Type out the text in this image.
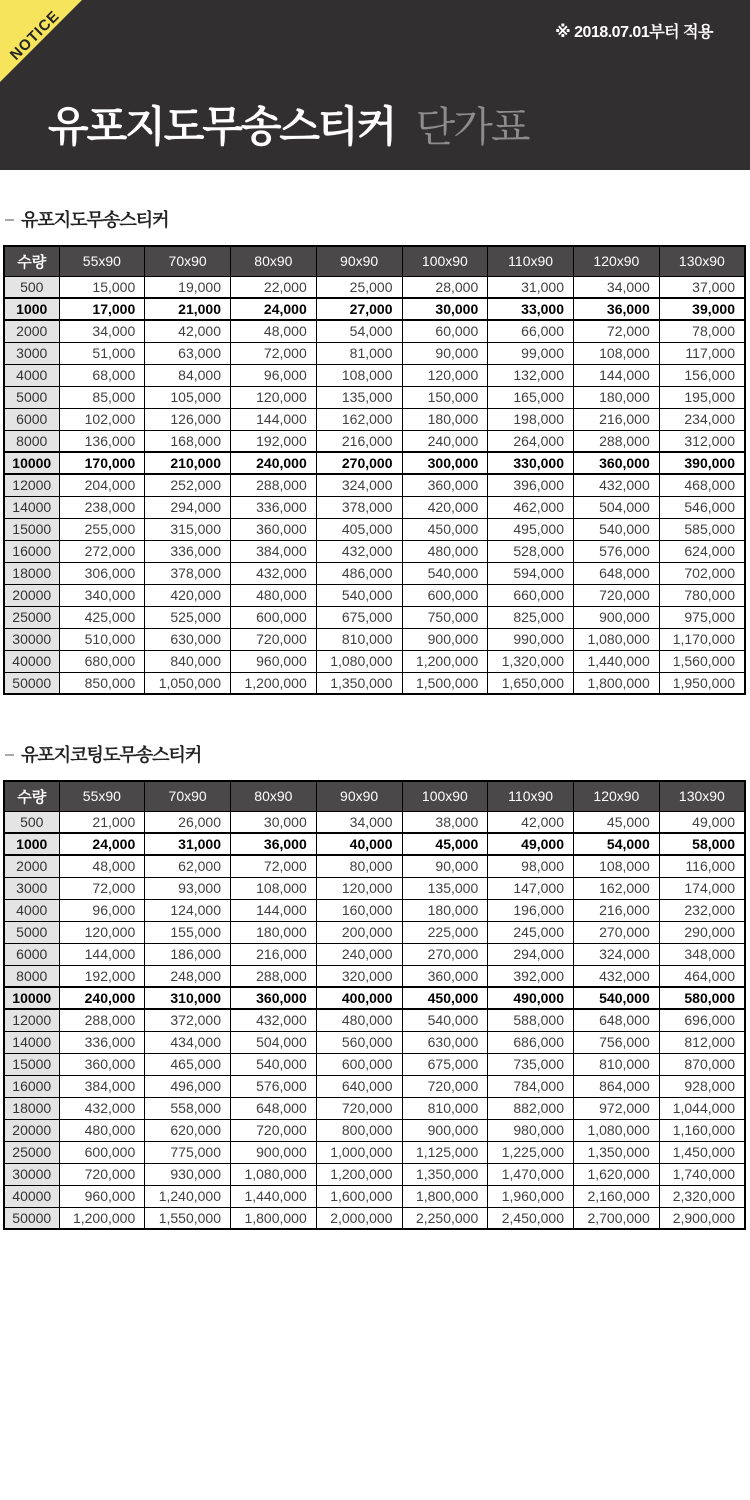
NOTICE	※ 2018.07.01부터 적용
유포지도무송스티커 단가표
유포지도무송스티커
수량	55x90	70x90	80x90	90x90	100x90	110x90	120x90	130x90
500	15,000	19,000	22,000	25,000	28,000	31,000	34,000	37,000
1000	17,000	21,000	24,000	27,000	30,000	33,000	36,000	39,000
2000	34,000	42,000	48,000	54,000	60,000	66,000	72,000	78,000
3000	51,000	63,000	72,000	81,000	90,000	99,000	108,000	117,000
4000	68,000	84,000	96,000	108,000	120,000	132,000	144,000	156,000
5000	85,000	105,000	120,000	135,000	150,000	165,000	180,000	195,000
6000	102,000	126,000	144,000	162,000	180,000	198,000	216,000	234,000
8000	136,000	168,000	192,000	216,000	240,000	264,000	288,000	312,000
10000	170,000	210,000	240,000	270,000	300,000	330,000	360,000	390,000
12000	204,000	252,000	288,000	324,000	360,000	396,000	432,000	468,000
14000	238,000	294,000	336,000	378,000	420,000	462,000	504,000	546,000
15000	255,000	315,000	360,000	405,000	450,000	495,000	540,000	585,000
16000	272,000	336,000	384,000	432,000	480,000	528,000	576,000	624,000
18000	306,000	378,000	432,000	486,000	540,000	594,000	648,000	702,000
20000	340,000	420,000	480,000	540,000	600,000	660,000	720,000	780,000
25000	425,000	525,000	600,000	675,000	750,000	825,000	900,000	975,000
30000	510,000	630,000	720,000	810,000	900,000	990,000	1,080,000	1,170,000
40000	680,000	840,000	960,000	1,080,000	1,200,000	1,320,000	1,440,000	1,560,000
50000	850,000	1,050,000	1,200,000	1,350,000	1,500,000	1,650,000	1,800,000	1,950,000
유포지코팅도무송스티커
수량	55x90	70x90	80x90	90x90	100x90	110x90	120x90	130x90
500	21,000	26,000	30,000	34,000	38,000	42,000	45,000	49,000
1000	24,000	31,000	36,000	40,000	45,000	49,000	54,000	58,000
2000	48,000	62,000	72,000	80,000	90,000	98,000	108,000	116,000
3000	72,000	93,000	108,000	120,000	135,000	147,000	162,000	174,000
4000	96,000	124,000	144,000	160,000	180,000	196,000	216,000	232,000
5000	120,000	155,000	180,000	200,000	225,000	245,000	270,000	290,000
6000	144,000	186,000	216,000	240,000	270,000	294,000	324,000	348,000
8000	192,000	248,000	288,000	320,000	360,000	392,000	432,000	464,000
10000	240,000	310,000	360,000	400,000	450,000	490,000	540,000	580,000
12000	288,000	372,000	432,000	480,000	540,000	588,000	648,000	696,000
14000	336,000	434,000	504,000	560,000	630,000	686,000	756,000	812,000
15000	360,000	465,000	540,000	600,000	675,000	735,000	810,000	870,000
16000	384,000	496,000	576,000	640,000	720,000	784,000	864,000	928,000
18000	432,000	558,000	648,000	720,000	810,000	882,000	972,000	1,044,000
20000	480,000	620,000	720,000	800,000	900,000	980,000	1,080,000	1,160,000
25000	600,000	775,000	900,000	1,000,000	1,125,000	1,225,000	1,350,000	1,450,000
30000	720,000	930,000	1,080,000	1,200,000	1,350,000	1,470,000	1,620,000	1,740,000
40000	960,000	1,240,000	1,440,000	1,600,000	1,800,000	1,960,000	2,160,000	2,320,000
50000	1,200,000	1,550,000	1,800,000	2,000,000	2,250,000	2,450,000	2,700,000	2,900,000
